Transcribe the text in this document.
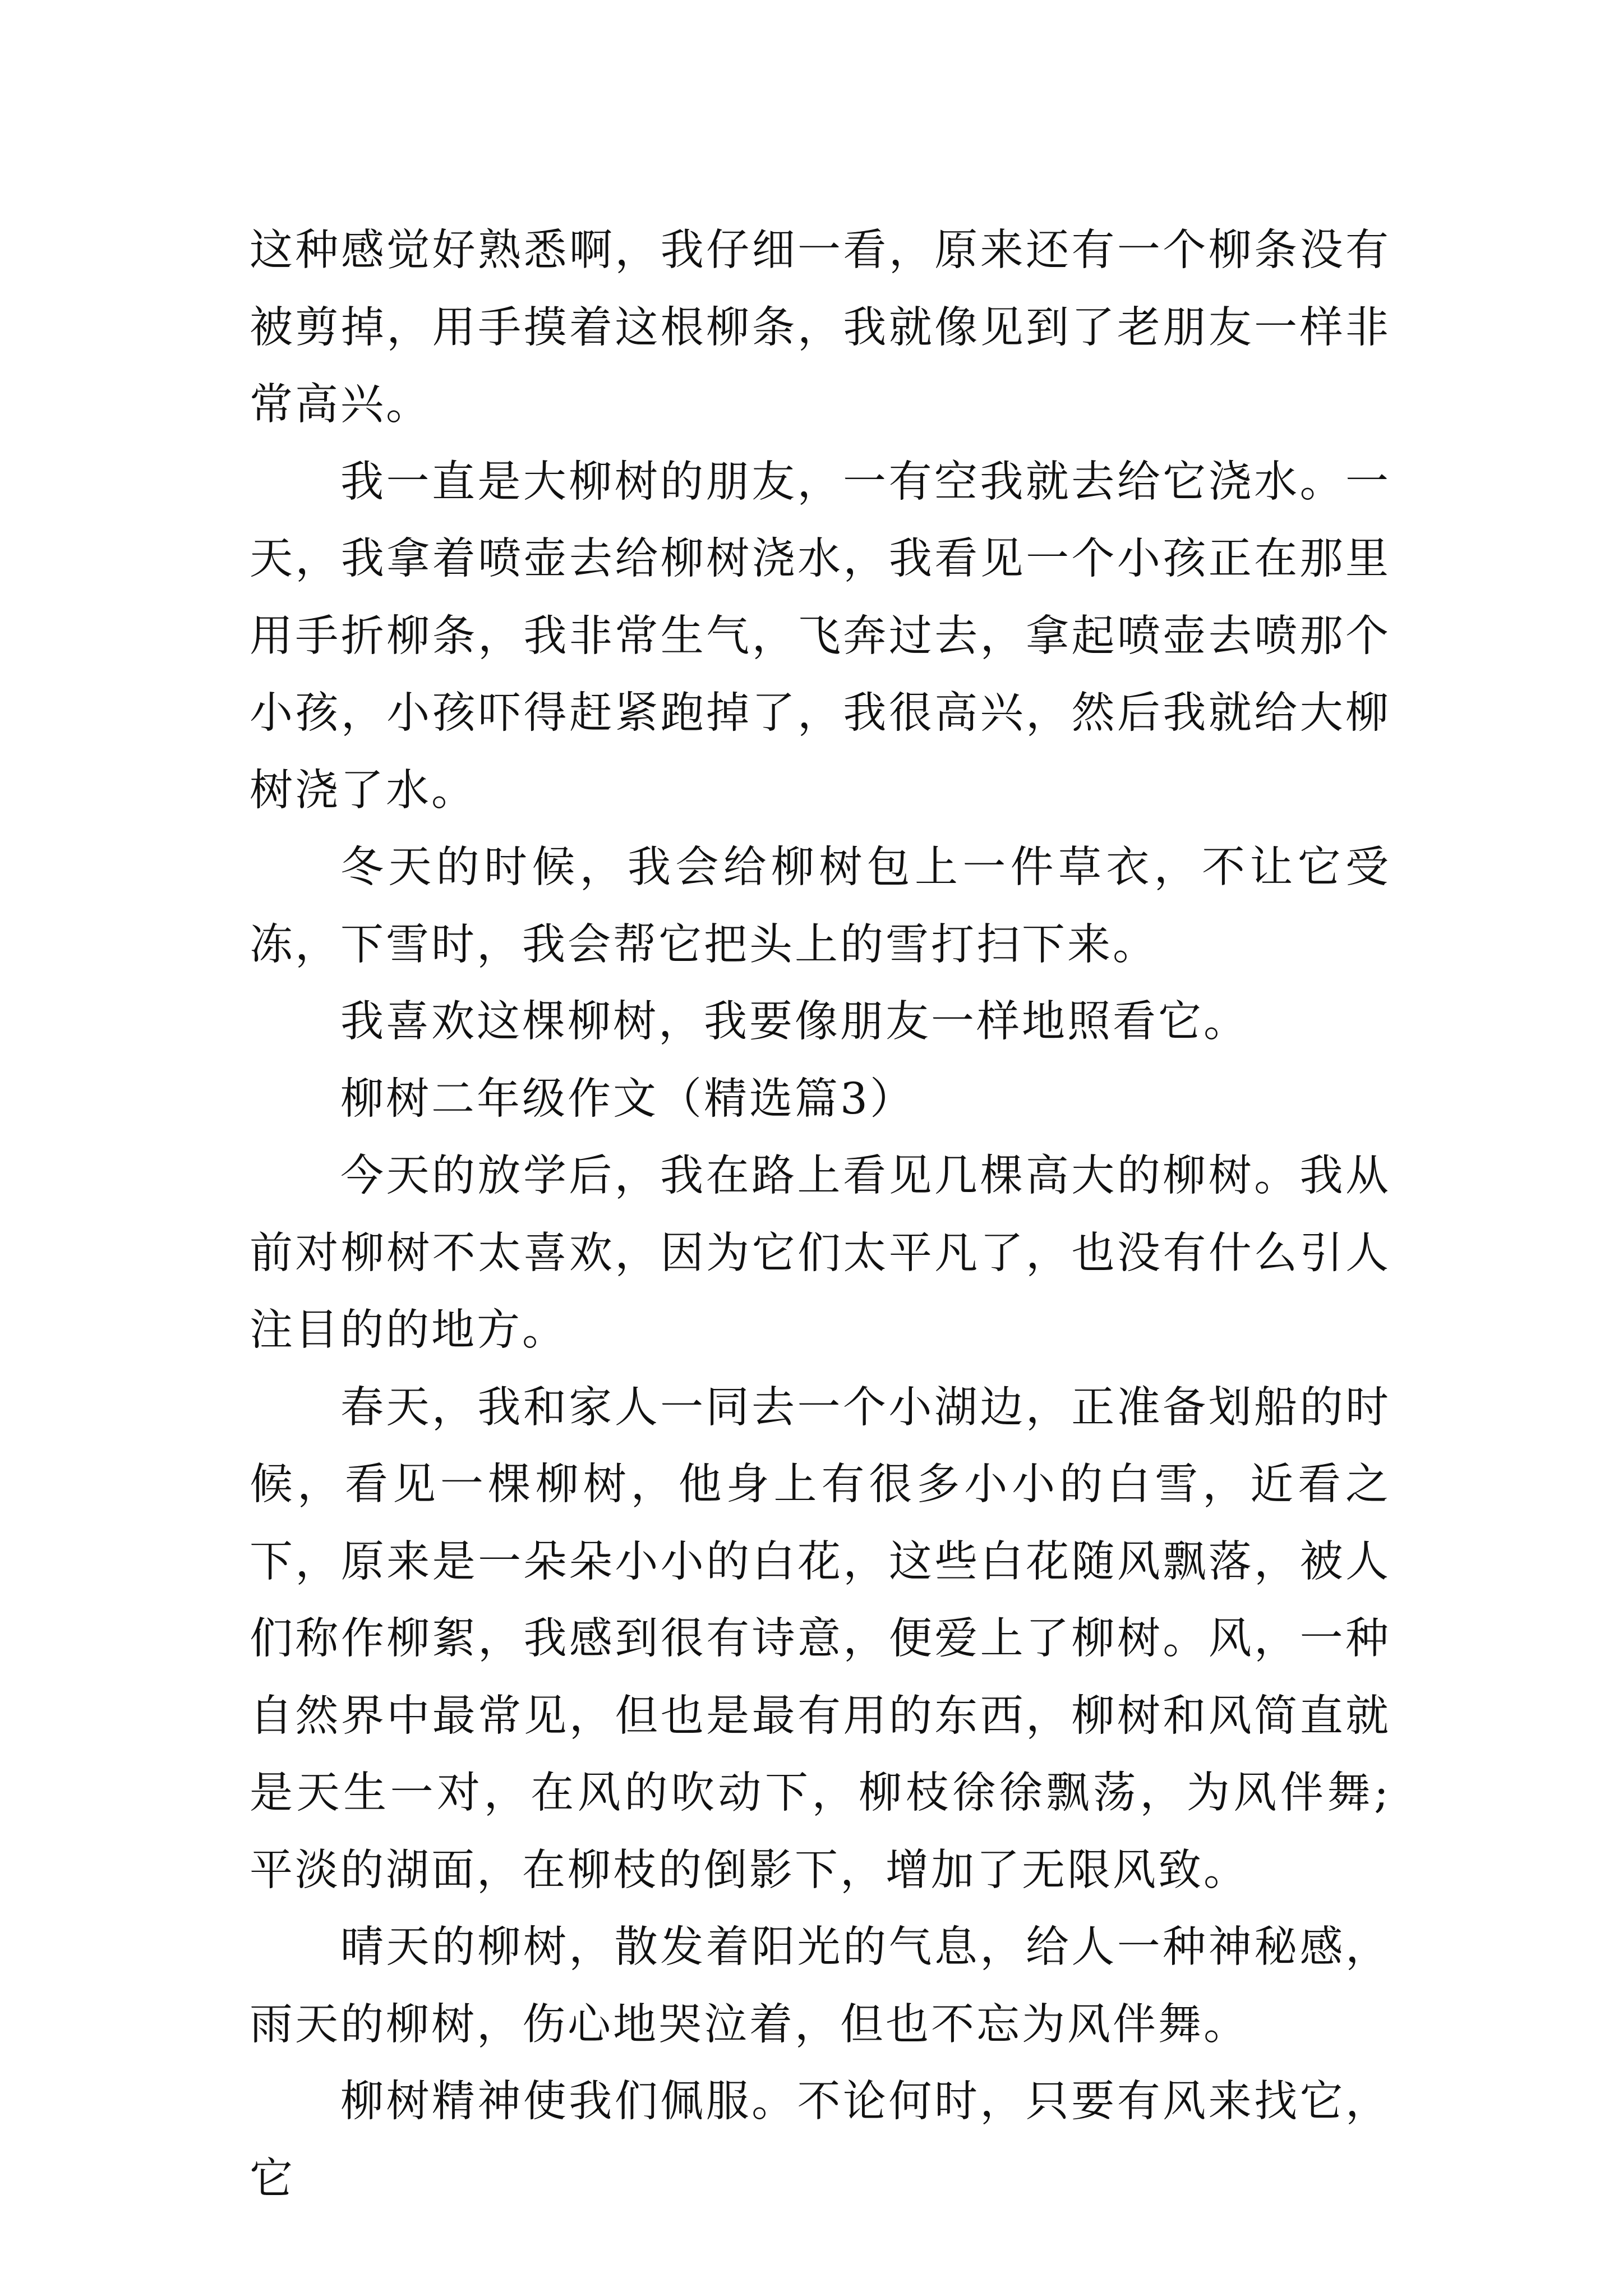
这种感觉好熟悉啊，我仔细一看，原来还有一个柳条没有被剪掉，用手摸着这根柳条，我就像见到了老朋友一样非常高兴。

我一直是大柳树的朋友，一有空我就去给它浇水。一天，我拿着喷壶去给柳树浇水，我看见一个小孩正在那里用手折柳条，我非常生气，飞奔过去，拿起喷壶去喷那个小孩，小孩吓得赶紧跑掉了，我很高兴，然后我就给大柳树浇了水。

冬天的时候，我会给柳树包上一件草衣，不让它受冻，下雪时，我会帮它把头上的雪打扫下来。

我喜欢这棵柳树，我要像朋友一样地照看它。

柳树二年级作文（精选篇3）

今天的放学后，我在路上看见几棵高大的柳树。我从前对柳树不太喜欢，因为它们太平凡了，也没有什么引人注目的的地方。

春天，我和家人一同去一个小湖边，正准备划船的时候，看见一棵柳树，他身上有很多小小的白雪，近看之下，原来是一朵朵小小的白花，这些白花随风飘落，被人们称作柳絮，我感到很有诗意，便爱上了柳树。风，一种自然界中最常见，但也是最有用的东西，柳树和风简直就是天生一对，在风的吹动下，柳枝徐徐飘荡，为风伴舞;平淡的湖面，在柳枝的倒影下，增加了无限风致。

晴天的柳树，散发着阳光的气息，给人一种神秘感，雨天的柳树，伤心地哭泣着，但也不忘为风伴舞。

柳树精神使我们佩服。不论何时，只要有风来找它，它
